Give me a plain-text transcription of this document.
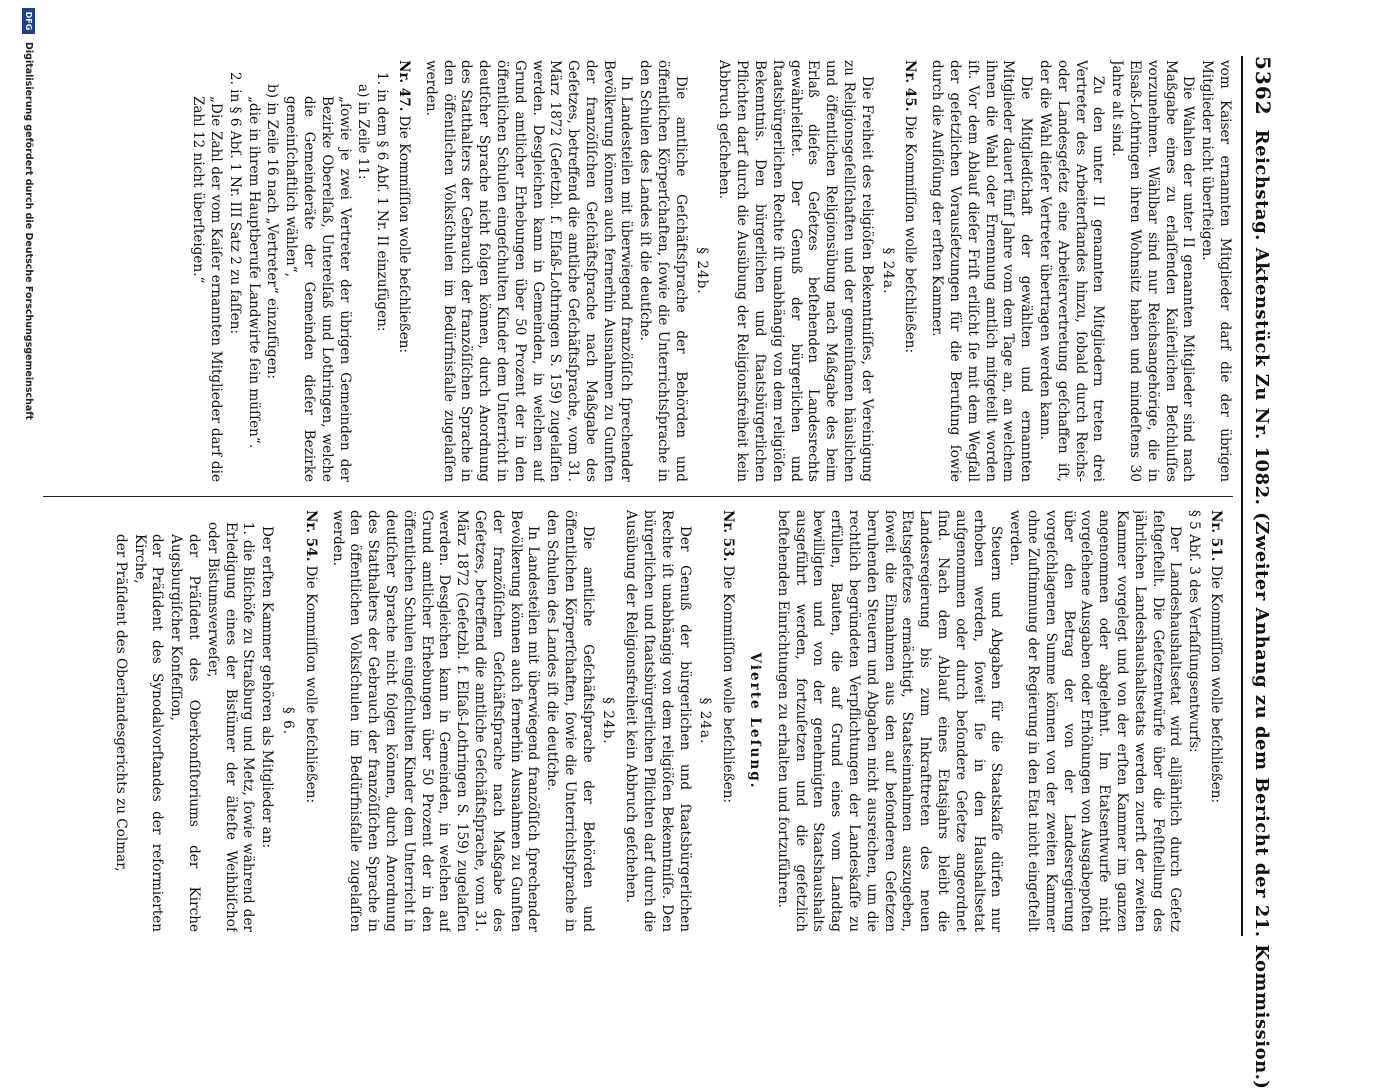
5362
Reichstag. Aktenstück Zu Nr. 1082. (Zweiter Anhang zu dem Bericht der 21. Kommission.)

vom Kaiser ernannten Mitglieder darf die der übrigen Mitglieder nicht überſteigen.

Die Wahlen der unter II genannten Mitglieder sind nach Maßgabe eines zu erlaſſenden Kaiſerlichen Beſchluſſes vorzunehmen. Wählbar sind nur Reichsangehörige, die in Elsaß-Lothringen ihren Wohnsitz haben und mindeſtens 30 Jahre alt sind.

Zu den unter II genannten Mitgliedern treten drei Vertreter des Arbeiterſtandes hinzu, ſobald durch Reichs- oder Landesgeſetz eine Arbeitervertretung geſchaffen iſt, der die Wahl dieſer Vertreter übertragen werden kann.

Die Mitgliedſchaft der gewählten und ernannten Mitglieder dauert fünf Jahre vom dem Tage an, an welchem ihnen die Wahl oder Ernennung amtlich mitgeteilt worden iſt. Vor dem Ablauf dieſer Friſt erliſcht ſie mit dem Wegfall der geſetzlichen Vorausſetzungen für die Berufung ſowie durch die Auflöſung der erſten Kammer.

Nr. 45.Die Kommiſſion wolle beſchließen:

§ 24a.

Die Freiheit des religiöſen Bekenntniſſes, der Vereinigung zu Religionsgeſellſchaften und der gemeinſamen häuslichen und öffentlichen Religionsübung nach Maßgabe des beim Erlaß dieſes Geſetzes beſtehenden Landesrechts gewährleiſtet. Der Genuß der bürgerlichen und ſtaatsbürgerlichen Rechte iſt unabhängig von dem religiöſen Bekenntnis. Den bürgerlichen und ſtaatsbürgerlichen Pflichten darf durch die Ausübung der Religionsfreiheit kein Abbruch geſchehen.

§ 24b.

Die amtliche Geſchäftsſprache der Behörden und öffentlichen Körperſchaften, ſowie die Unterrichtsſprache in den Schulen des Landes iſt die deutſche.

In Landesteilen mit überwiegend franzöſiſch ſprechender Bevölkerung können auch fernerhin Ausnahmen zu Gunſten der franzöſiſchen Geſchäftsſprache nach Maßgabe des Geſetzes, betreffend die amtliche Geſchäftsſprache, vom 31. März 1872 (Geſetzbl. f. Elſaß-Lothringen S. 159) zugelaſſen werden. Desgleichen kann in Gemeinden, in welchen auf Grund amtlicher Erhebungen über 50 Prozent der in den öffentlichen Schulen eingeſchulten Kinder dem Unterricht in deutſcher Sprache nicht folgen können, durch Anordnung des Statthalters der Gebrauch der franzöſiſchen Sprache in den öffentlichen Volksſchulen im Bedürfnisfalle zugelaſſen werden.

Nr. 47.Die Kommiſſion wolle beſchließen:

1. in dem § 6 Abſ. 1 Nr. II einzufügen:

a) in Zeile 11:

„ſowie je zwei Vertreter der übrigen Gemeinden der Bezirke Oberelſaß, Unterelſaß und Lothringen, welche die Gemeinderäte der Gemeinden dieſer Bezirke gemeinſchaftlich wählen“,

b) in Zeile 16 nach „Vertreter“ einzufügen:

„die in ihrem Hauptberufe Landwirte ſein müſſen“.

2. in § 6 Abſ. 1 Nr. III Satz 2 zu faſſen:

„Die Zahl der vom Kaiſer ernannten Mitglieder darf die Zahl 12 nicht überſteigen.“

Nr. 51.Die Kommiſſion wolle beſchließen:

§ 5 Abſ. 3 des Verfaſſungsentwurfs:

Der Landeshaushaltsetat wird alljährlich durch Geſetz feſtgeſtellt. Die Geſetzentwürfe über die Feſtſtellung des jährlichen Landeshaushaltsetats werden zuerſt der zweiten Kammer vorgelegt und von der erſten Kammer im ganzen angenommen oder abgelehnt. Im Etatsentwurfe nicht vorgeſehene Ausgaben oder Erhöhungen von Ausgabepoſten über den Betrag der von der Landesregierung vorgeſchlagenen Summe können von der zweiten Kammer ohne Zuſtimmung der Regierung in den Etat nicht eingeſtellt werden.

Steuern und Abgaben für die Staatskaſſe dürfen nur erhoben werden, ſoweit ſie in den Haushaltsetat aufgenommen oder durch beſondere Geſetze angeordnet ſind. Nach dem Ablauf eines Etatsjahrs bleibt die Landesregierung bis zum Inkrafttreten des neuen Etatsgeſetzes ermächtigt, Staatseinnahmen auszugeben, ſoweit die Einnahmen aus den auf beſonderen Geſetzen beruhenden Steuern und Abgaben nicht ausreichen, um die rechtlich begründeten Verpflichtungen der Landeskaſſe zu erfüllen, Bauten, die auf Grund eines vom Landtag bewilligten und von der genehmigten Staatshaushalts ausgeführt werden, fortzuſetzen und die geſetzlich beſtehenden Einrichtungen zu erhalten und fortzuführen.

Vierte Leſung.

Nr. 53.Die Kommiſſion wolle beſchließen:

§ 24a.

Der Genuß der bürgerlichen und ſtaatsbürgerlichen Rechte iſt unabhängig von dem religiöſen Bekenntniſſe. Den bürgerlichen und ſtaatsbürgerlichen Pflichten darf durch die Ausübung der Religionsfreiheit kein Abbruch geſchehen.

§ 24b.

Die amtliche Geſchäftsſprache der Behörden und öffentlichen Körperſchaften, ſowie die Unterrichtsſprache in den Schulen des Landes iſt die deutſche.

In Landesteilen mit überwiegend franzöſiſch ſprechender Bevölkerung können auch fernerhin Ausnahmen zu Gunſten der franzöſiſchen Geſchäftsſprache nach Maßgabe des Geſetzes, betreffend die amtliche Geſchäftsſprache, vom 31. März 1872 (Geſetzbl. f. Elſaß-Lothringen S. 159) zugelaſſen werden. Desgleichen kann in Gemeinden, in welchen auf Grund amtlicher Erhebungen über 50 Prozent der in den öffentlichen Schulen eingeſchulten Kinder dem Unterricht in deutſcher Sprache nicht folgen können, durch Anordnung des Statthalters der Gebrauch der franzöſiſchen Sprache in den öffentlichen Volksſchulen im Bedürfnisfalle zugelaſſen werden.

Nr. 54.Die Kommiſſion wolle beſchließen:

§ 6.

Der erſten Kammer gehören als Mitglieder an:

1. die Biſchöfe zu Straßburg und Metz, ſowie während der Erledigung eines der Bistümer der älteſte Weihbiſchof oder Bistumsverweſer,

der Präſident des Oberkonſiſtoriums der Kirche Augsburgiſcher Konfeſſion,

der Präſident des Synodalvorſtandes der reformierten Kirche,

der Präſident des Oberlandesgerichts zu Colmar,

DFG
Digitalisierung gefördert durch die Deutsche Forschungsgemeinschaft
